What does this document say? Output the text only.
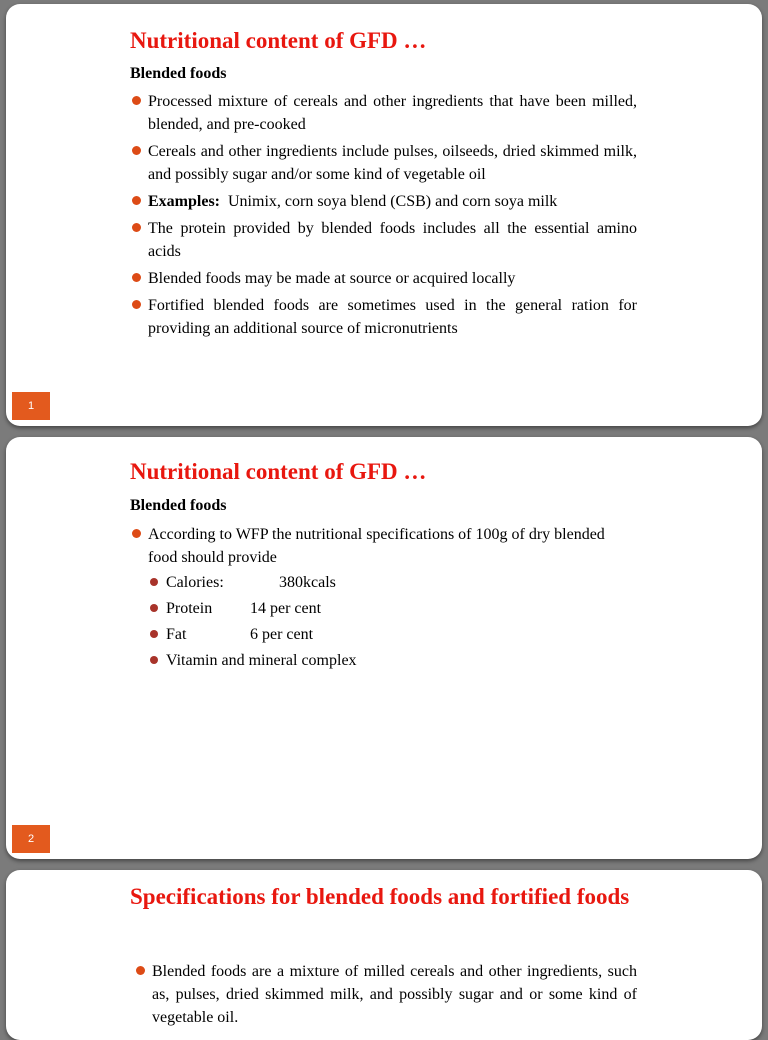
Nutritional content of GFD …
Blended foods
Processed mixture of cereals and other ingredients that have been milled, blended, and pre-cooked
Cereals and other ingredients include pulses, oilseeds, dried skimmed milk, and possibly sugar and/or some kind of vegetable oil
Examples:  Unimix, corn soya blend (CSB) and corn soya milk
The protein provided by blended foods includes all the essential amino acids
Blended foods may be made at source or acquired locally
Fortified blended foods are sometimes used in the general ration for providing an additional source of micronutrients
1
Nutritional content of GFD …
Blended foods
According to WFP the nutritional specifications of 100g of dry blended food should provide
Calories:	380kcals
Protein 14 per cent
Fat	6 per cent
Vitamin and mineral complex
2
Specifications for blended foods and fortified foods
Blended foods are a mixture of milled cereals and other ingredients, such as, pulses, dried skimmed milk, and possibly sugar and or some kind of vegetable oil.
